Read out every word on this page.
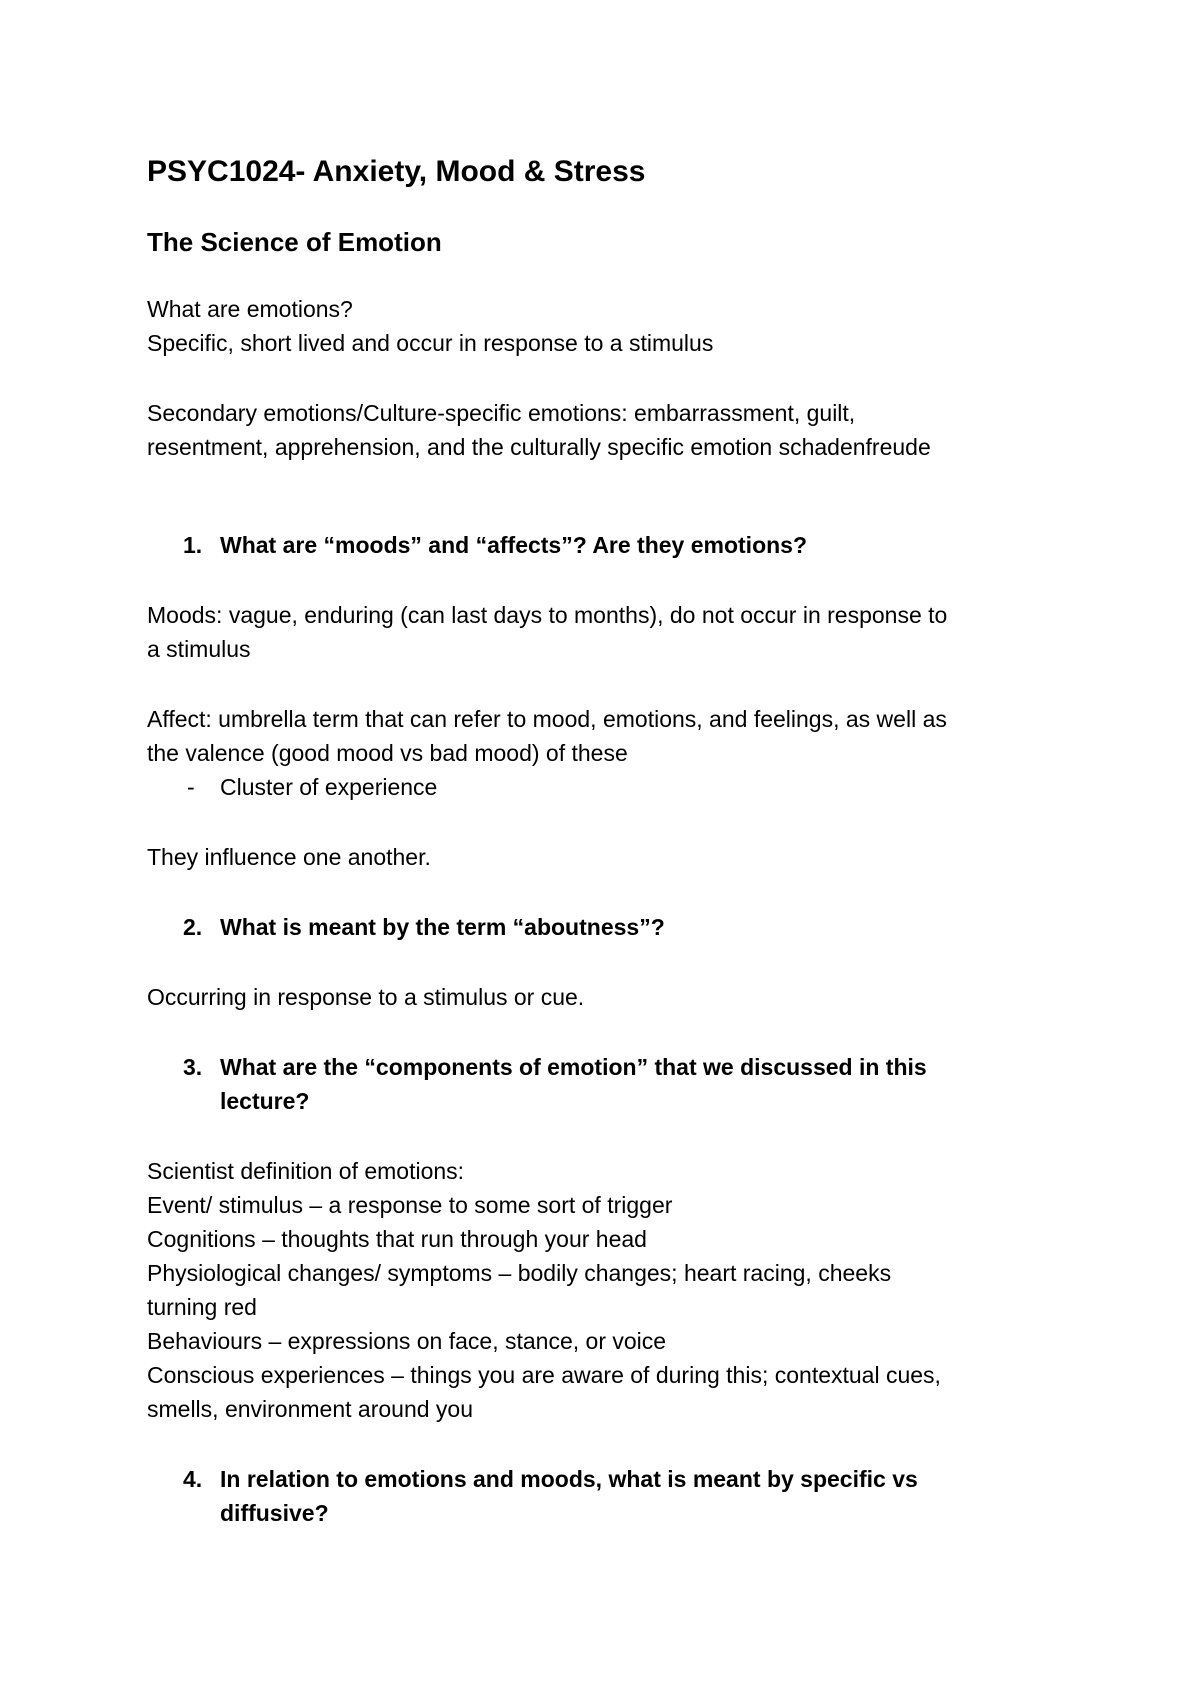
PSYC1024- Anxiety, Mood & Stress
The Science of Emotion
What are emotions?
Specific, short lived and occur in response to a stimulus
Secondary emotions/Culture-specific emotions: embarrassment, guilt,
resentment, apprehension, and the culturally specific emotion schadenfreude
1. What are “moods” and “affects”? Are they emotions?
Moods: vague, enduring (can last days to months), do not occur in response to
a stimulus
Affect: umbrella term that can refer to mood, emotions, and feelings, as well as
the valence (good mood vs bad mood) of these
- Cluster of experience
They influence one another.
2. What is meant by the term “aboutness”?
Occurring in response to a stimulus or cue.
3. What are the “components of emotion” that we discussed in this
lecture?
Scientist definition of emotions:
Event/ stimulus – a response to some sort of trigger
Cognitions – thoughts that run through your head
Physiological changes/ symptoms – bodily changes; heart racing, cheeks
turning red
Behaviours – expressions on face, stance, or voice
Conscious experiences – things you are aware of during this; contextual cues,
smells, environment around you
4. In relation to emotions and moods, what is meant by specific vs
diffusive?
